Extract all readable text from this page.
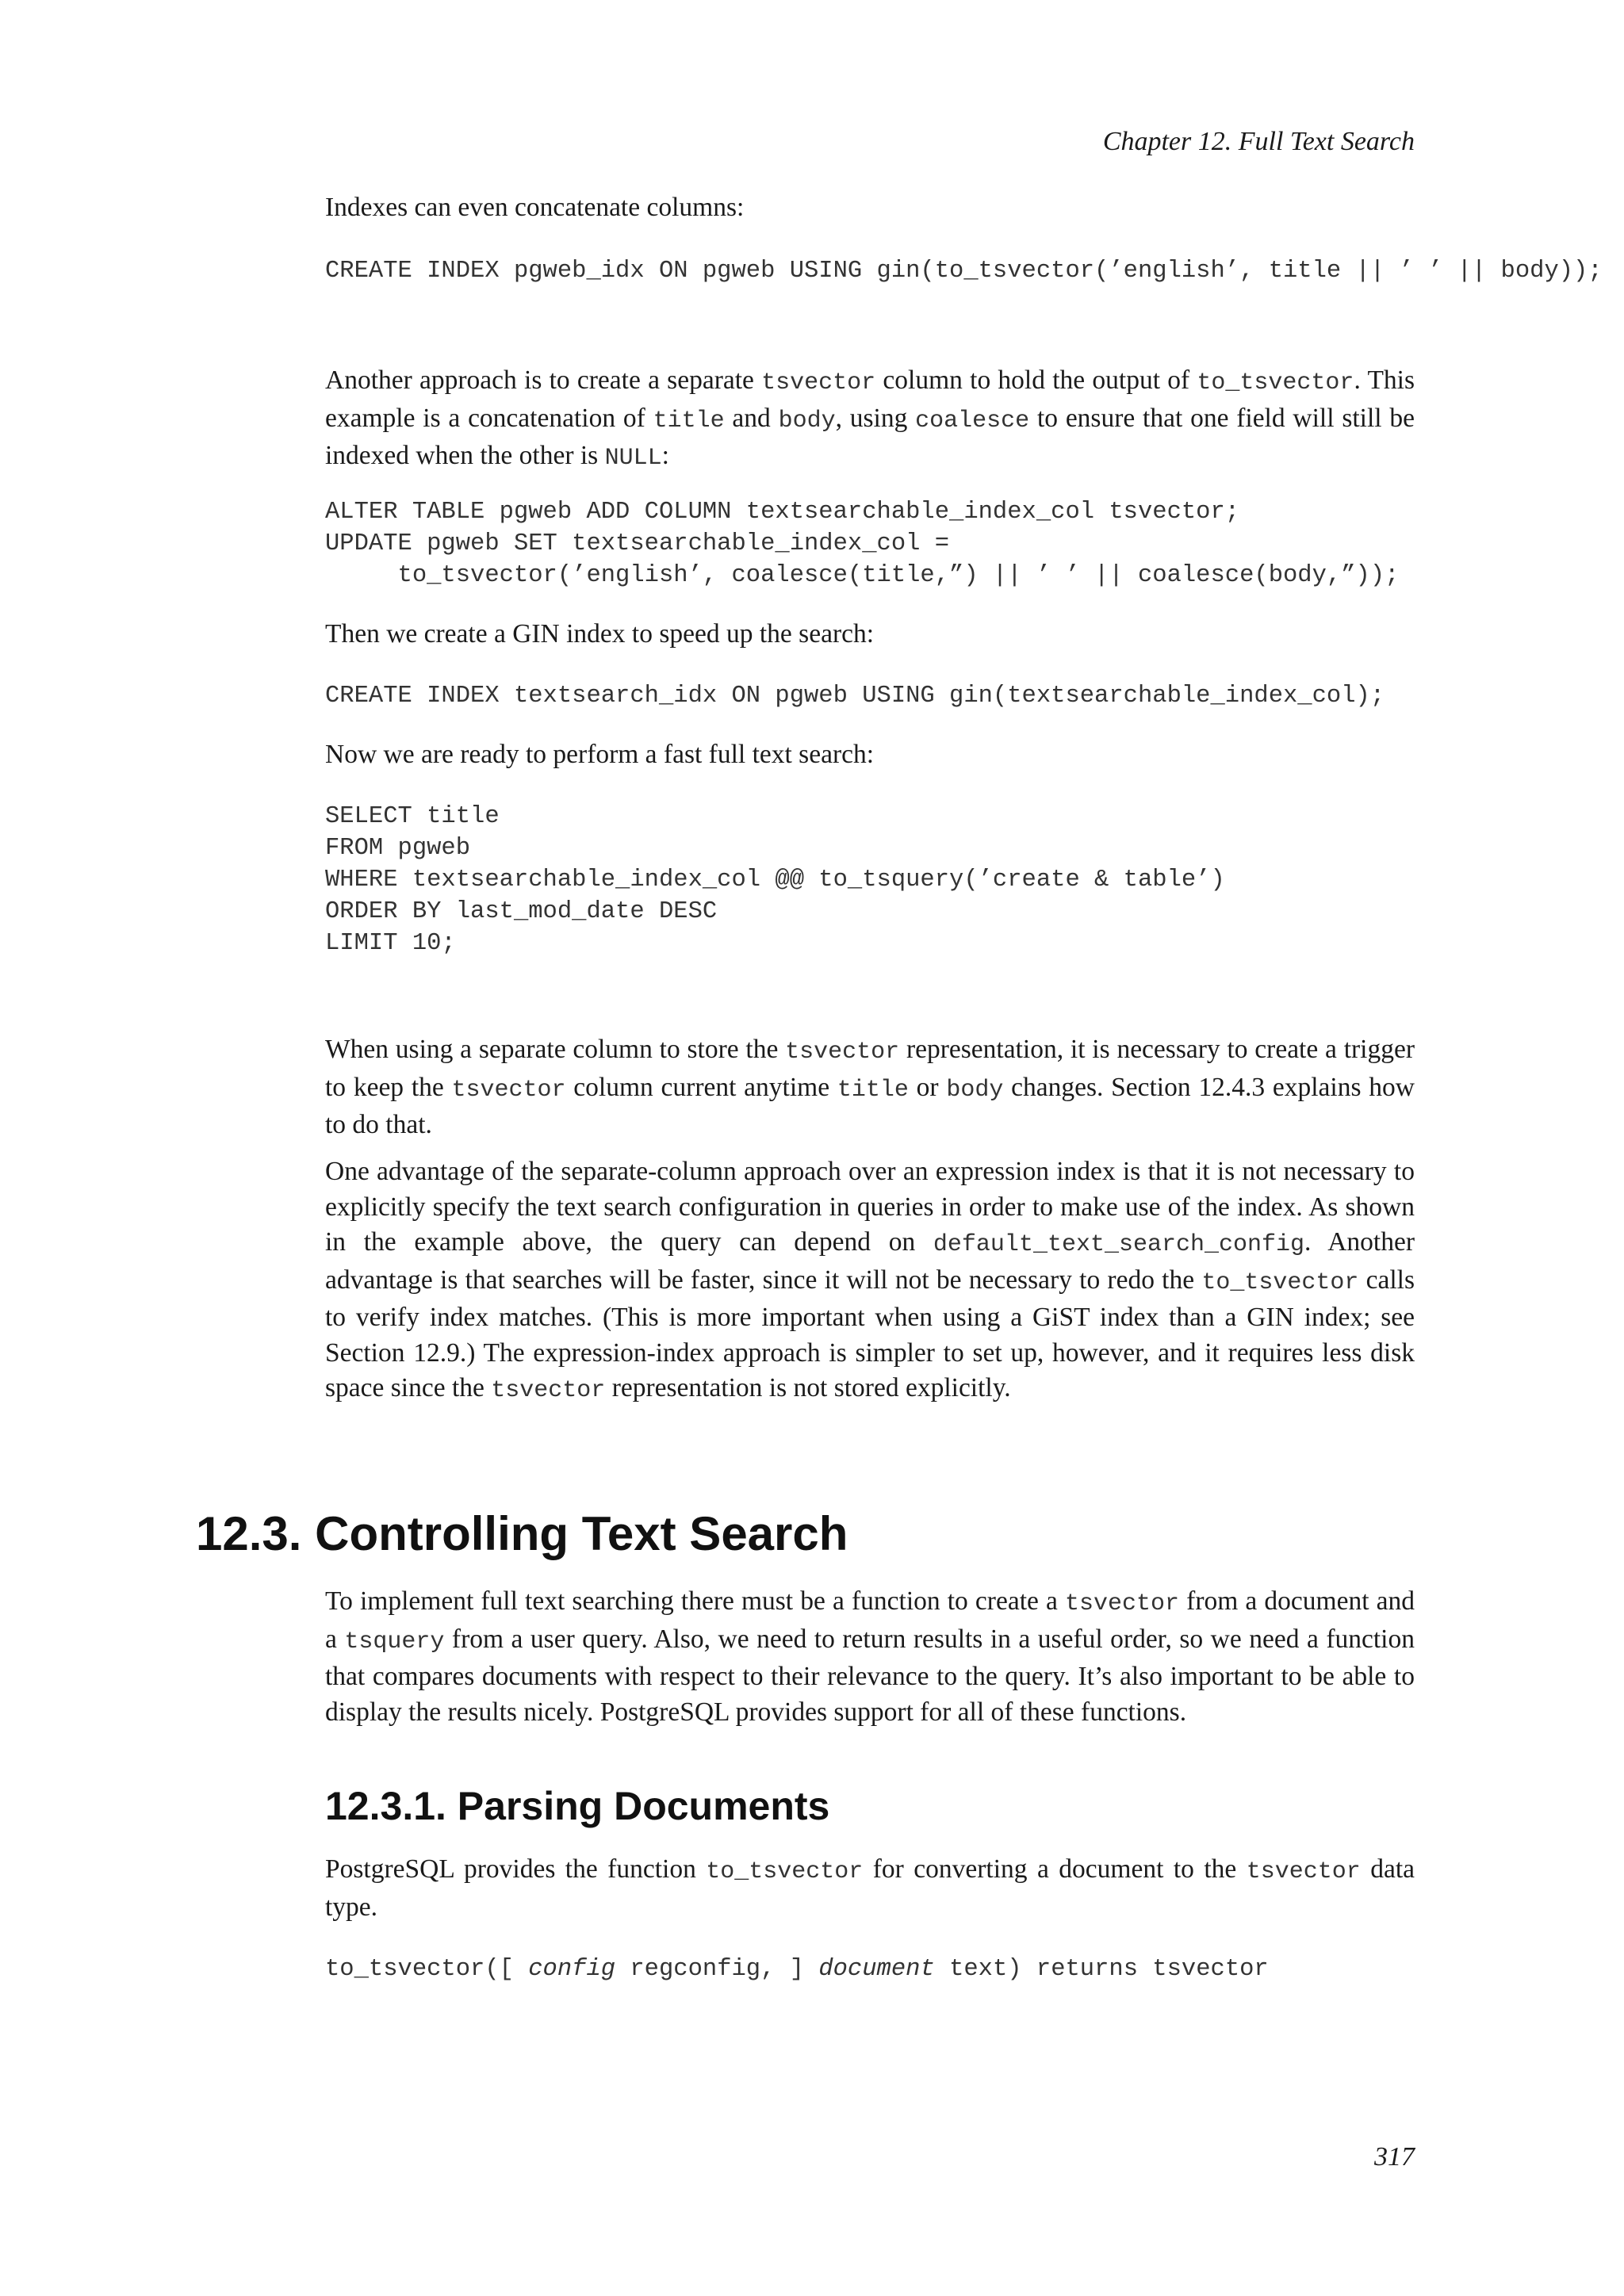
Chapter 12. Full Text Search

Indexes can even concatenate columns:

CREATE INDEX pgweb_idx ON pgweb USING gin(to_tsvector(’english’, title || ’ ’ || body));

Another approach is to create a separate tsvector column to hold the output of to_tsvector. This example is a concatenation of title and body, using coalesce to ensure that one field will still be indexed when the other is NULL:

ALTER TABLE pgweb ADD COLUMN textsearchable_index_col tsvector;
UPDATE pgweb SET textsearchable_index_col =
to_tsvector(’english’, coalesce(title,”) || ’ ’ || coalesce(body,”));

Then we create a GIN index to speed up the search:

CREATE INDEX textsearch_idx ON pgweb USING gin(textsearchable_index_col);

Now we are ready to perform a fast full text search:

SELECT title
FROM pgweb
WHERE textsearchable_index_col @@ to_tsquery(’create & table’)
ORDER BY last_mod_date DESC
LIMIT 10;

When using a separate column to store the tsvector representation, it is necessary to create a trigger to keep the tsvector column current anytime title or body changes. Section 12.4.3 explains how to do that.

One advantage of the separate-column approach over an expression index is that it is not necessary to explicitly specify the text search configuration in queries in order to make use of the index. As shown in the example above, the query can depend on default_text_search_config. Another advantage is that searches will be faster, since it will not be necessary to redo the to_tsvector calls to verify index matches. (This is more important when using a GiST index than a GIN index; see Section 12.9.) The expression-index approach is simpler to set up, however, and it requires less disk space since the tsvector representation is not stored explicitly.

12.3. Controlling Text Search

To implement full text searching there must be a function to create a tsvector from a document and a tsquery from a user query. Also, we need to return results in a useful order, so we need a function that compares documents with respect to their relevance to the query. It’s also important to be able to display the results nicely. PostgreSQL provides support for all of these functions.

12.3.1. Parsing Documents

PostgreSQL provides the function to_tsvector for converting a document to the tsvector data type.

to_tsvector([ config regconfig, ] document text) returns tsvector
317
